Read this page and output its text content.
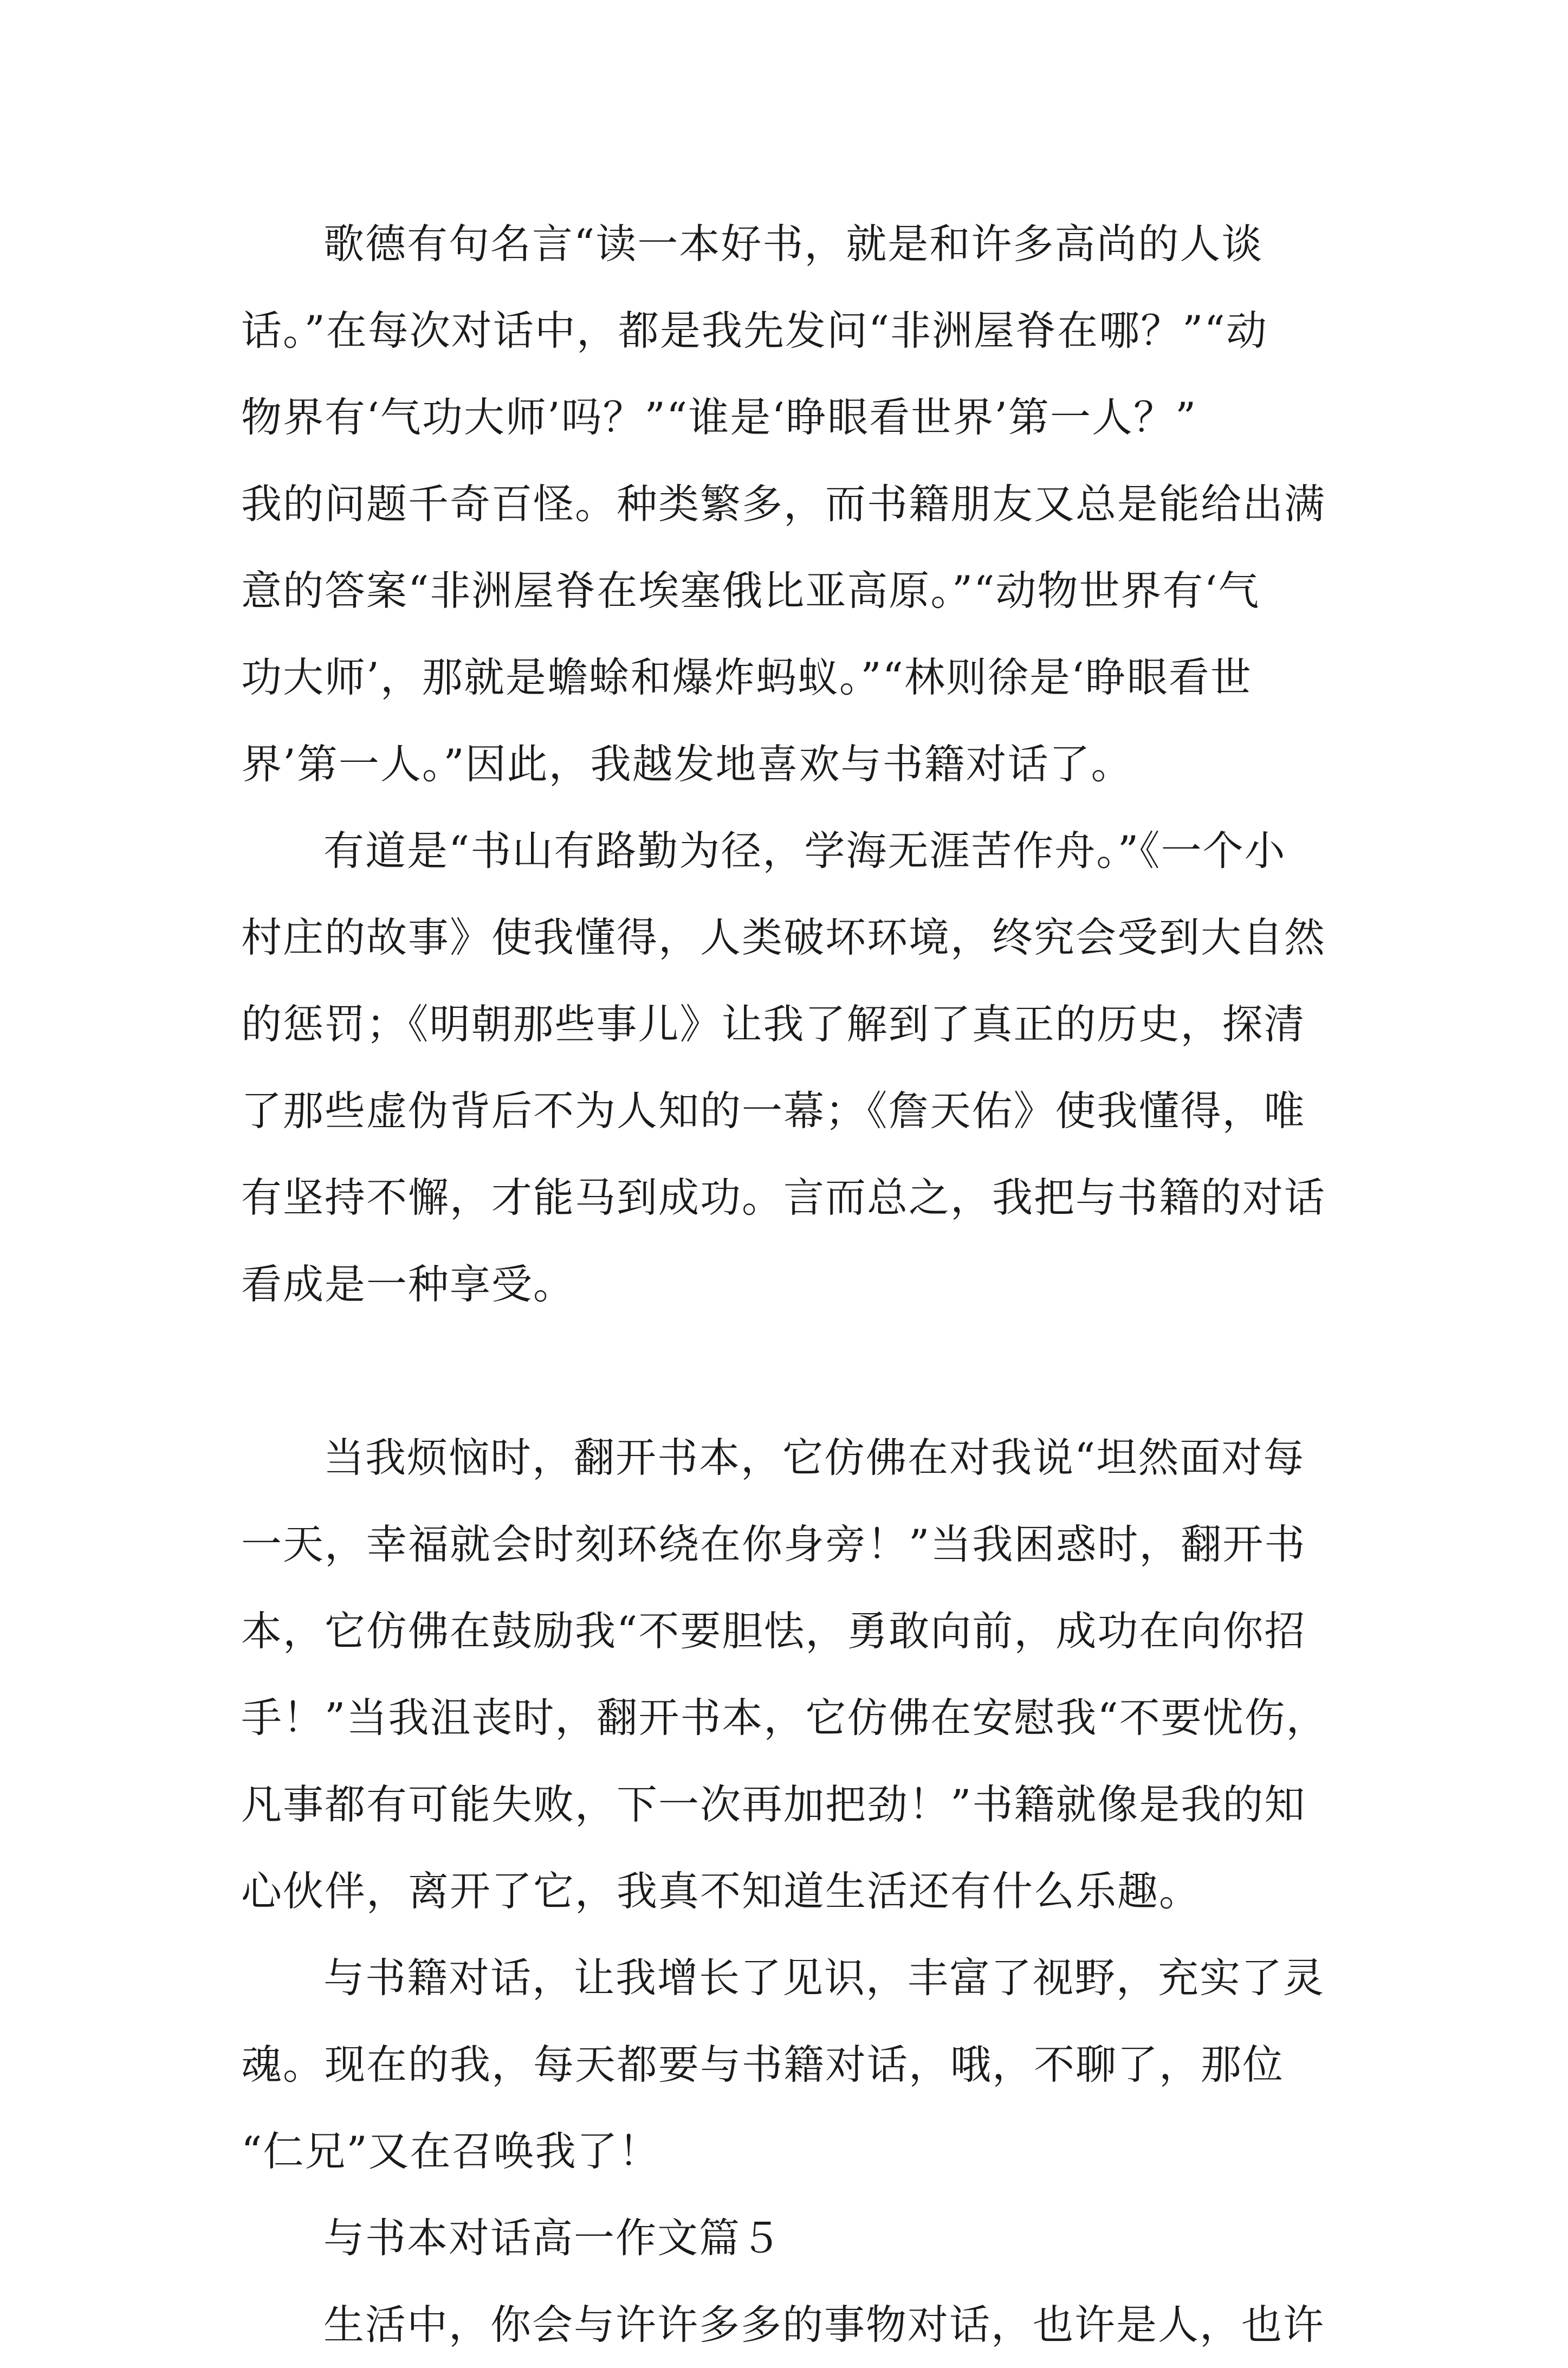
歌德有句名言“读一本好书，就是和许多高尚的人谈
话。”在每次对话中，都是我先发问“非洲屋脊在哪？”“动
物界有‘气功大师’吗？”“谁是‘睁眼看世界’第一人？”
我的问题千奇百怪。种类繁多，而书籍朋友又总是能给出满
意的答案“非洲屋脊在埃塞俄比亚高原。”“动物世界有‘气
功大师’，那就是蟾蜍和爆炸蚂蚁。”“林则徐是‘睁眼看世
界’第一人。”因此，我越发地喜欢与书籍对话了。
有道是“书山有路勤为径，学海无涯苦作舟。”《一个小
村庄的故事》使我懂得，人类破坏环境，终究会受到大自然
的惩罚；《明朝那些事儿》让我了解到了真正的历史，探清
了那些虚伪背后不为人知的一幕；《詹天佑》使我懂得，唯
有坚持不懈，才能马到成功。言而总之，我把与书籍的对话
看成是一种享受。
当我烦恼时，翻开书本，它仿佛在对我说“坦然面对每
一天，幸福就会时刻环绕在你身旁！”当我困惑时，翻开书
本，它仿佛在鼓励我“不要胆怯，勇敢向前，成功在向你招
手！”当我沮丧时，翻开书本，它仿佛在安慰我“不要忧伤，
凡事都有可能失败，下一次再加把劲！”书籍就像是我的知
心伙伴，离开了它，我真不知道生活还有什么乐趣。
与书籍对话，让我增长了见识，丰富了视野，充实了灵
魂。现在的我，每天都要与书籍对话，哦，不聊了，那位
“仁兄”又在召唤我了！
与书本对话高一作文篇５
生活中，你会与许许多多的事物对话，也许是人，也许
